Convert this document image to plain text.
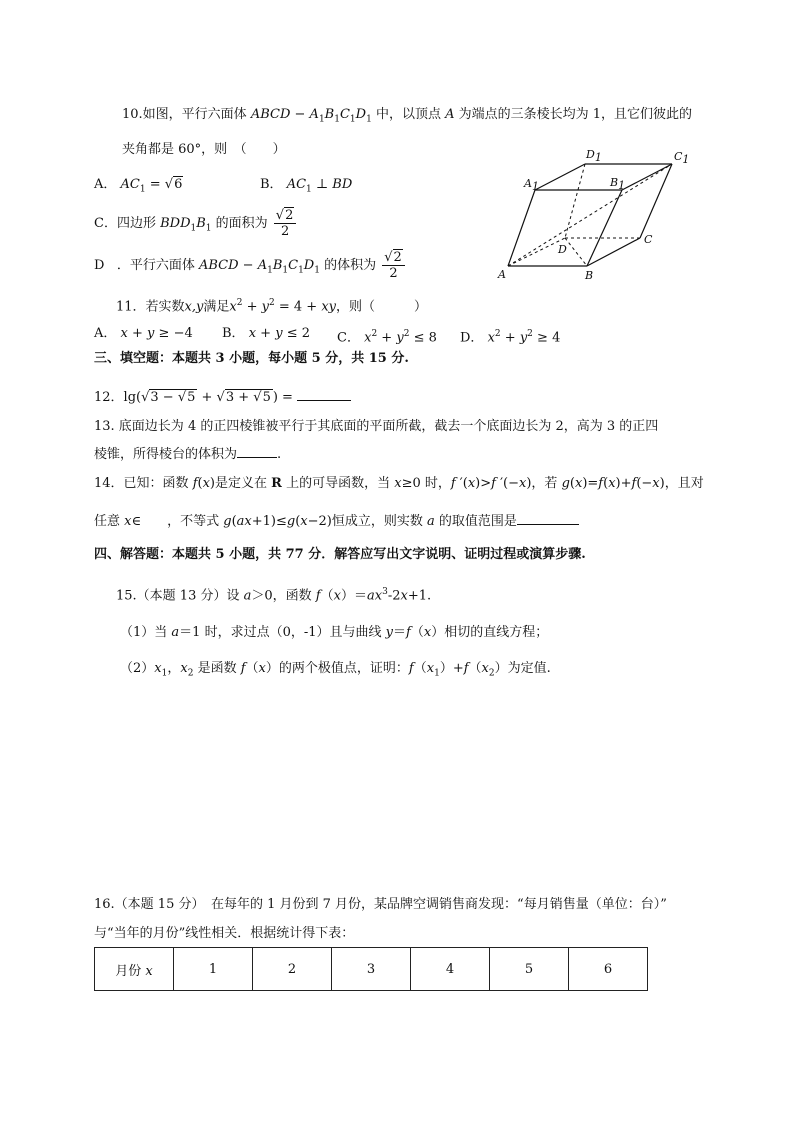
10.如图，平行六面体 ABCD − $A_1B_1C_1D_1$ 中，以顶点 A 为端点的三条棱长均为 1，且它们彼此的
夹角都是 60°，则　（　　）
A． $AC_1 = √6$	B． $AC_1$ ⊥ BD
C．四边形 $BDD_1B_1$ 的面积为 $\frac{√2}{2}$
D   ．平行六面体 ABCD − $A_1B_1C_1D_1$ 的体积为 $\frac{√2}{2}$
D1	C1
A1	B1
D
C
A	B
11．若实数x,y满足$x^2 + y^2 = 4$ + xy，则（　　　）
A． x + y ≥ −4 B． x + y ≤ 2 C． $x^2 + y^2 \le 8$ D． $x^2 + y^2 \ge 4$
三、填空题：本题共 3 小题，每小题 5 分，共 15 分.
12．lg(√3 − √5 + √3 + √5 ) =
13. 底面边长为 4 的正四棱锥被平行于其底面的平面所截，截去一个底面边长为 2，高为 3 的正四
棱锥，所得棱台的体积为	.
14．已知：函数 f(x)是定义在 R 上的可导函数，当 x≥0 时，f ′(x)>f ′(−x)，若 g(x)=f(x)+f(−x)，且对
任意 x∈　　，不等式 g(ax+1)≤g(x−2)恒成立，则实数 a 的取值范围是
四、解答题：本题共 5 小题，共 77 分．解答应写出文字说明、证明过程或演算步骤.
15.（本题 13 分）设 a＞0，函数 $f(x)=ax^3-2x+1$.
（1）当 a＝1 时，求过点（0，-1）且与曲线 y＝f（x）相切的直线方程；
$(2)x_1$，$x_2$ 是函数 f（x）的两个极值点，证明：$f(x_1)+f(x_2)$为定值.
16.（本题 15 分）　在每年的 1 月份到 7 月份，某品牌空调销售商发现：“每月销售量（单位：台）”
与“当年的月份”线性相关．根据统计得下表：
月份 x	1	2	3	4	5	6
